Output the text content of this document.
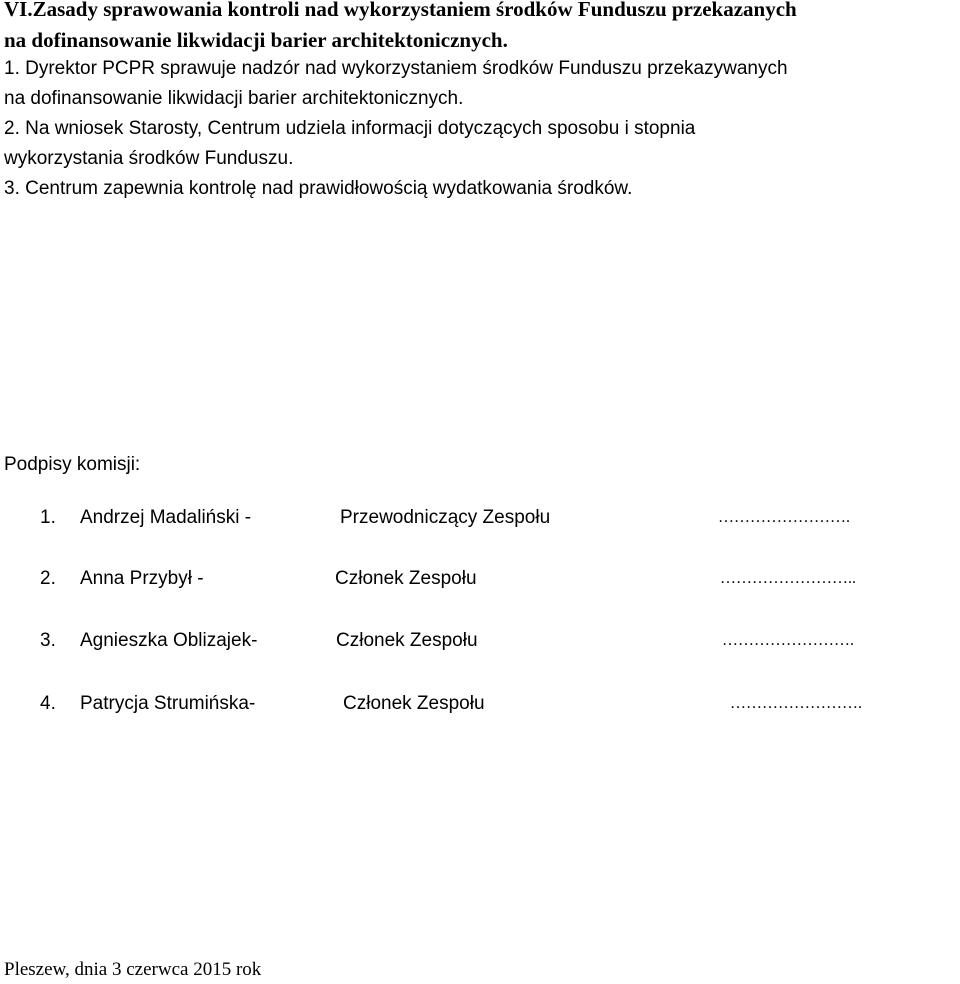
VI.Zasady sprawowania kontroli nad wykorzystaniem środków Funduszu przekazanych
na dofinansowanie likwidacji barier architektonicznych.
1. Dyrektor PCPR sprawuje nadzór nad wykorzystaniem środków Funduszu przekazywanych
na dofinansowanie likwidacji barier architektonicznych.
2. Na wniosek Starosty, Centrum udziela informacji dotyczących sposobu i stopnia
wykorzystania środków Funduszu.
3. Centrum zapewnia kontrolę nad prawidłowością wydatkowania środków.
Podpisy komisji:
1. Andrzej Madaliński -	Przewodniczący Zespołu	…………………….
2. Anna Przybył -	Członek Zespołu	……………………..
3. Agnieszka Oblizajek-	Członek Zespołu	…………………….
4. Patrycja Strumińska-	Członek Zespołu	…………………….
Pleszew, dnia 3 czerwca 2015 rok
